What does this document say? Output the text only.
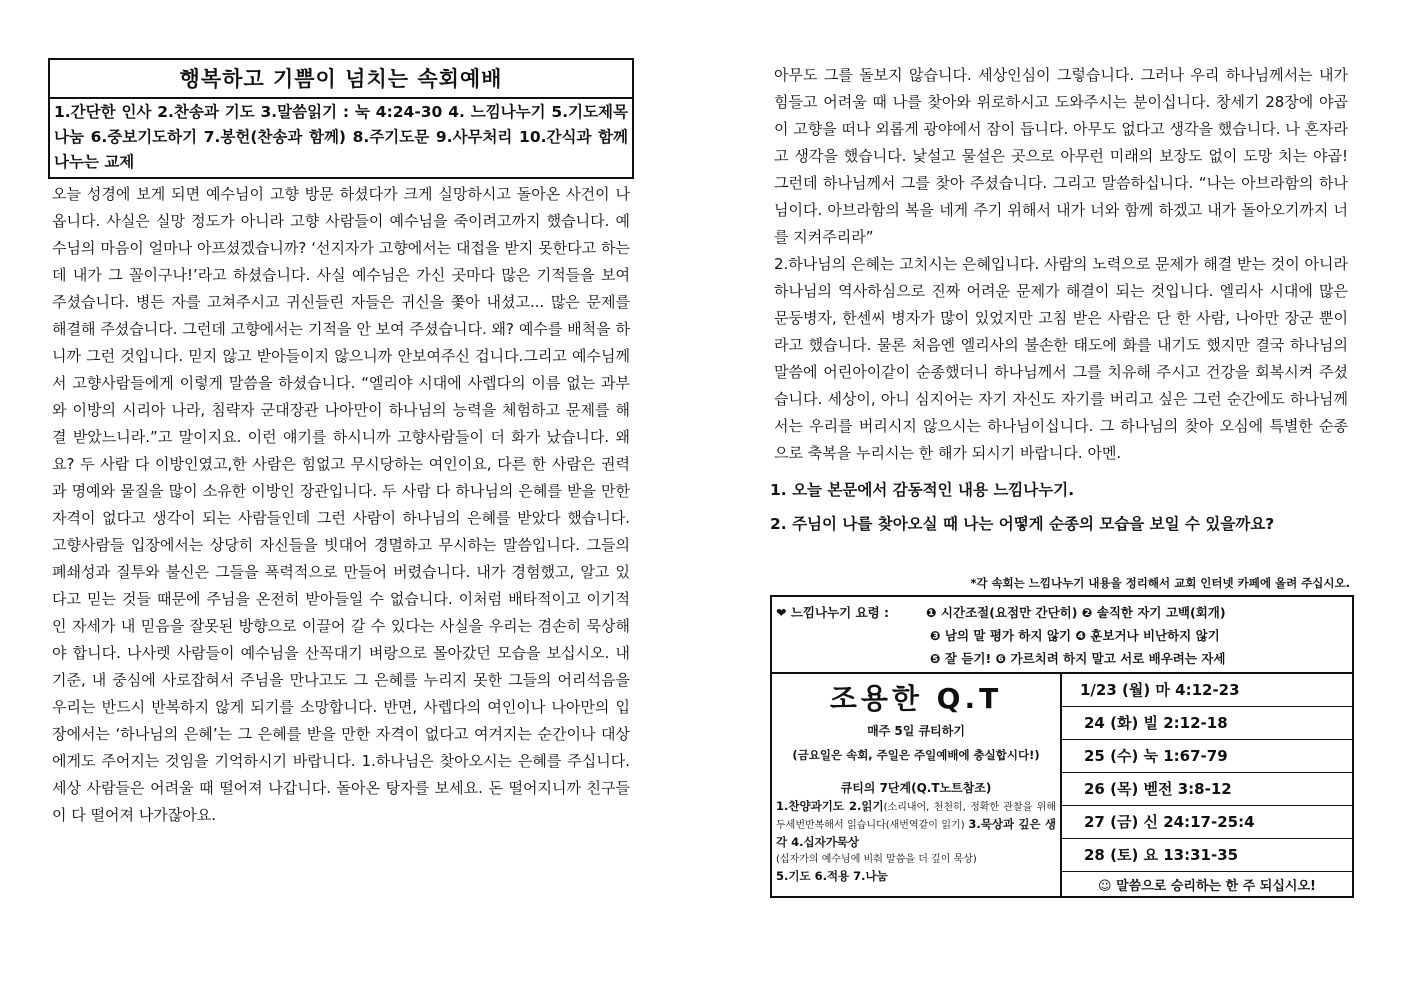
행복하고 기쁨이 넘치는 속회예배
1.간단한 인사 2.찬송과 기도 3.말씀읽기 : 눅 4:24-30 4. 느낌나누기 5.기도제목 나눔 6.중보기도하기 7.봉헌(찬송과 함께) 8.주기도문 9.사무처리 10.간식과 함께 나누는 교제

오늘 성경에 보게 되면 예수님이 고향 방문 하셨다가 크게 실망하시고 돌아온 사건이 나옵니다. 사실은 실망 정도가 아니라 고향 사람들이 예수님을 죽이려고까지 했습니다. 예수님의 마음이 얼마나 아프셨겠습니까? ‘선지자가 고향에서는 대접을 받지 못한다고 하는데 내가 그 꼴이구나!’라고 하셨습니다. 사실 예수님은 가신 곳마다 많은 기적들을 보여 주셨습니다. 병든 자를 고쳐주시고 귀신들린 자들은 귀신을 쫓아 내셨고... 많은 문제를 해결해 주셨습니다. 그런데 고향에서는 기적을 안 보여 주셨습니다. 왜? 예수를 배척을 하니까 그런 것입니다. 믿지 않고 받아들이지 않으니까 안보여주신 겁니다.그리고 예수님께서 고향사람들에게 이렇게 말씀을 하셨습니다. “엘리야 시대에 사렙다의 이름 없는 과부와 이방의 시리아 나라, 침략자 군대장관 나아만이 하나님의 능력을 체험하고 문제를 해결 받았느니라.”고 말이지요. 이런 얘기를 하시니까 고향사람들이 더 화가 났습니다. 왜요? 두 사람 다 이방인였고,한 사람은 힘없고 무시당하는 여인이요, 다른 한 사람은 권력과 명예와 물질을 많이 소유한 이방인 장관입니다. 두 사람 다 하나님의 은혜를 받을 만한 자격이 없다고 생각이 되는 사람들인데 그런 사람이 하나님의 은혜를 받았다 했습니다. 고향사람들 입장에서는 상당히 자신들을 빗대어 경멸하고 무시하는 말씀입니다. 그들의 폐쇄성과 질투와 불신은 그들을 폭력적으로 만들어 버렸습니다. 내가 경험했고, 알고 있다고 믿는 것들 때문에 주님을 온전히 받아들일 수 없습니다. 이처럼 배타적이고 이기적인 자세가 내 믿음을 잘못된 방향으로 이끌어 갈 수 있다는 사실을 우리는 겸손히 묵상해야 합니다. 나사렛 사람들이 예수님을 산꼭대기 벼랑으로 몰아갔던 모습을 보십시오. 내 기준, 내 중심에 사로잡혀서 주님을 만나고도 그 은혜를 누리지 못한 그들의 어리석음을 우리는 반드시 반복하지 않게 되기를 소망합니다. 반면, 사렙다의 여인이나 나아만의 입장에서는 ‘하나님의 은혜’는 그 은혜를 받을 만한 자격이 없다고 여겨지는 순간이나 대상에게도 주어지는 것임을 기억하시기 바랍니다. 1.하나님은 찾아오시는 은혜를 주십니다. 세상 사람들은 어려울 때 떨어져 나갑니다. 돌아온 탕자를 보세요. 돈 떨어지니까 친구들이 다 떨어져 나가잖아요.

아무도 그를 돌보지 않습니다. 세상인심이 그렇습니다. 그러나 우리 하나님께서는 내가 힘들고 어려울 때 나를 찾아와 위로하시고 도와주시는 분이십니다. 창세기 28장에 야곱이 고향을 떠나 외롭게 광야에서 잠이 듭니다. 아무도 없다고 생각을 했습니다. 나 혼자라고 생각을 했습니다. 낯설고 물설은 곳으로 아무런 미래의 보장도 없이 도망 치는 야곱! 그런데 하나님께서 그를 찾아 주셨습니다. 그리고 말씀하십니다. “나는 아브라함의 하나님이다. 아브라함의 복을 네게 주기 위해서 내가 너와 함께 하겠고 내가 돌아오기까지 너를 지켜주리라”

2.하나님의 은혜는 고치시는 은혜입니다. 사람의 노력으로 문제가 해결 받는 것이 아니라 하나님의 역사하심으로 진짜 어려운 문제가 해결이 되는 것입니다. 엘리사 시대에 많은 문둥병자, 한센씨 병자가 많이 있었지만 고침 받은 사람은 단 한 사람, 나아만 장군 뿐이라고 했습니다. 물론 처음엔 엘리사의 불손한 태도에 화를 내기도 했지만 결국 하나님의 말씀에 어린아이같이 순종했더니 하나님께서 그를 치유해 주시고 건강을 회복시켜 주셨습니다. 세상이, 아니 심지어는 자기 자신도 자기를 버리고 싶은 그런 순간에도 하나님께서는 우리를 버리시지 않으시는 하나님이십니다. 그 하나님의 찾아 오심에 특별한 순종으로 축복을 누리시는 한 해가 되시기 바랍니다. 아멘.

1. 오늘 본문에서 감동적인 내용 느낌나누기.
2. 주님이 나를 찾아오실 때 나는 어떻게 순종의 모습을 보일 수 있을까요?
*각 속회는 느낌나누기 내용을 정리해서 교회 인터넷 카페에 올려 주십시오.
❤ 느낌나누기 요령 :	❶ 시간조절(요점만 간단히) ❷ 솔직한 자기 고백(회개)
❸ 남의 말 평가 하지 않기 ❹ 훈보거나 비난하지 않기
❺ 잘 듣기! ❻ 가르치려 하지 말고 서로 배우려는 자세
조용한 Q.T
매주 5일 큐티하기
(금요일은 속회, 주일은 주일예배에 충실합시다!)
큐티의 7단계(Q.T노트참조)
1.찬양과기도 2.읽기(소리내어, 천천히, 정확한 관찰을 위해 두세번반복해서 읽습니다(새번역같이 읽기) 3.묵상과 깊은 생각 4.십자가묵상
(십자가의 예수님에 비춰 말씀을 더 깊이 묵상)
5.기도 6.적용 7.나눔
1/23 (월) 마 4:12-23
24 (화) 빌 2:12-18
25 (수) 눅 1:67-79
26 (목) 벧전 3:8-12
27 (금) 신 24:17-25:4
28 (토) 요 13:31-35
☺ 말씀으로 승리하는 한 주 되십시오!
